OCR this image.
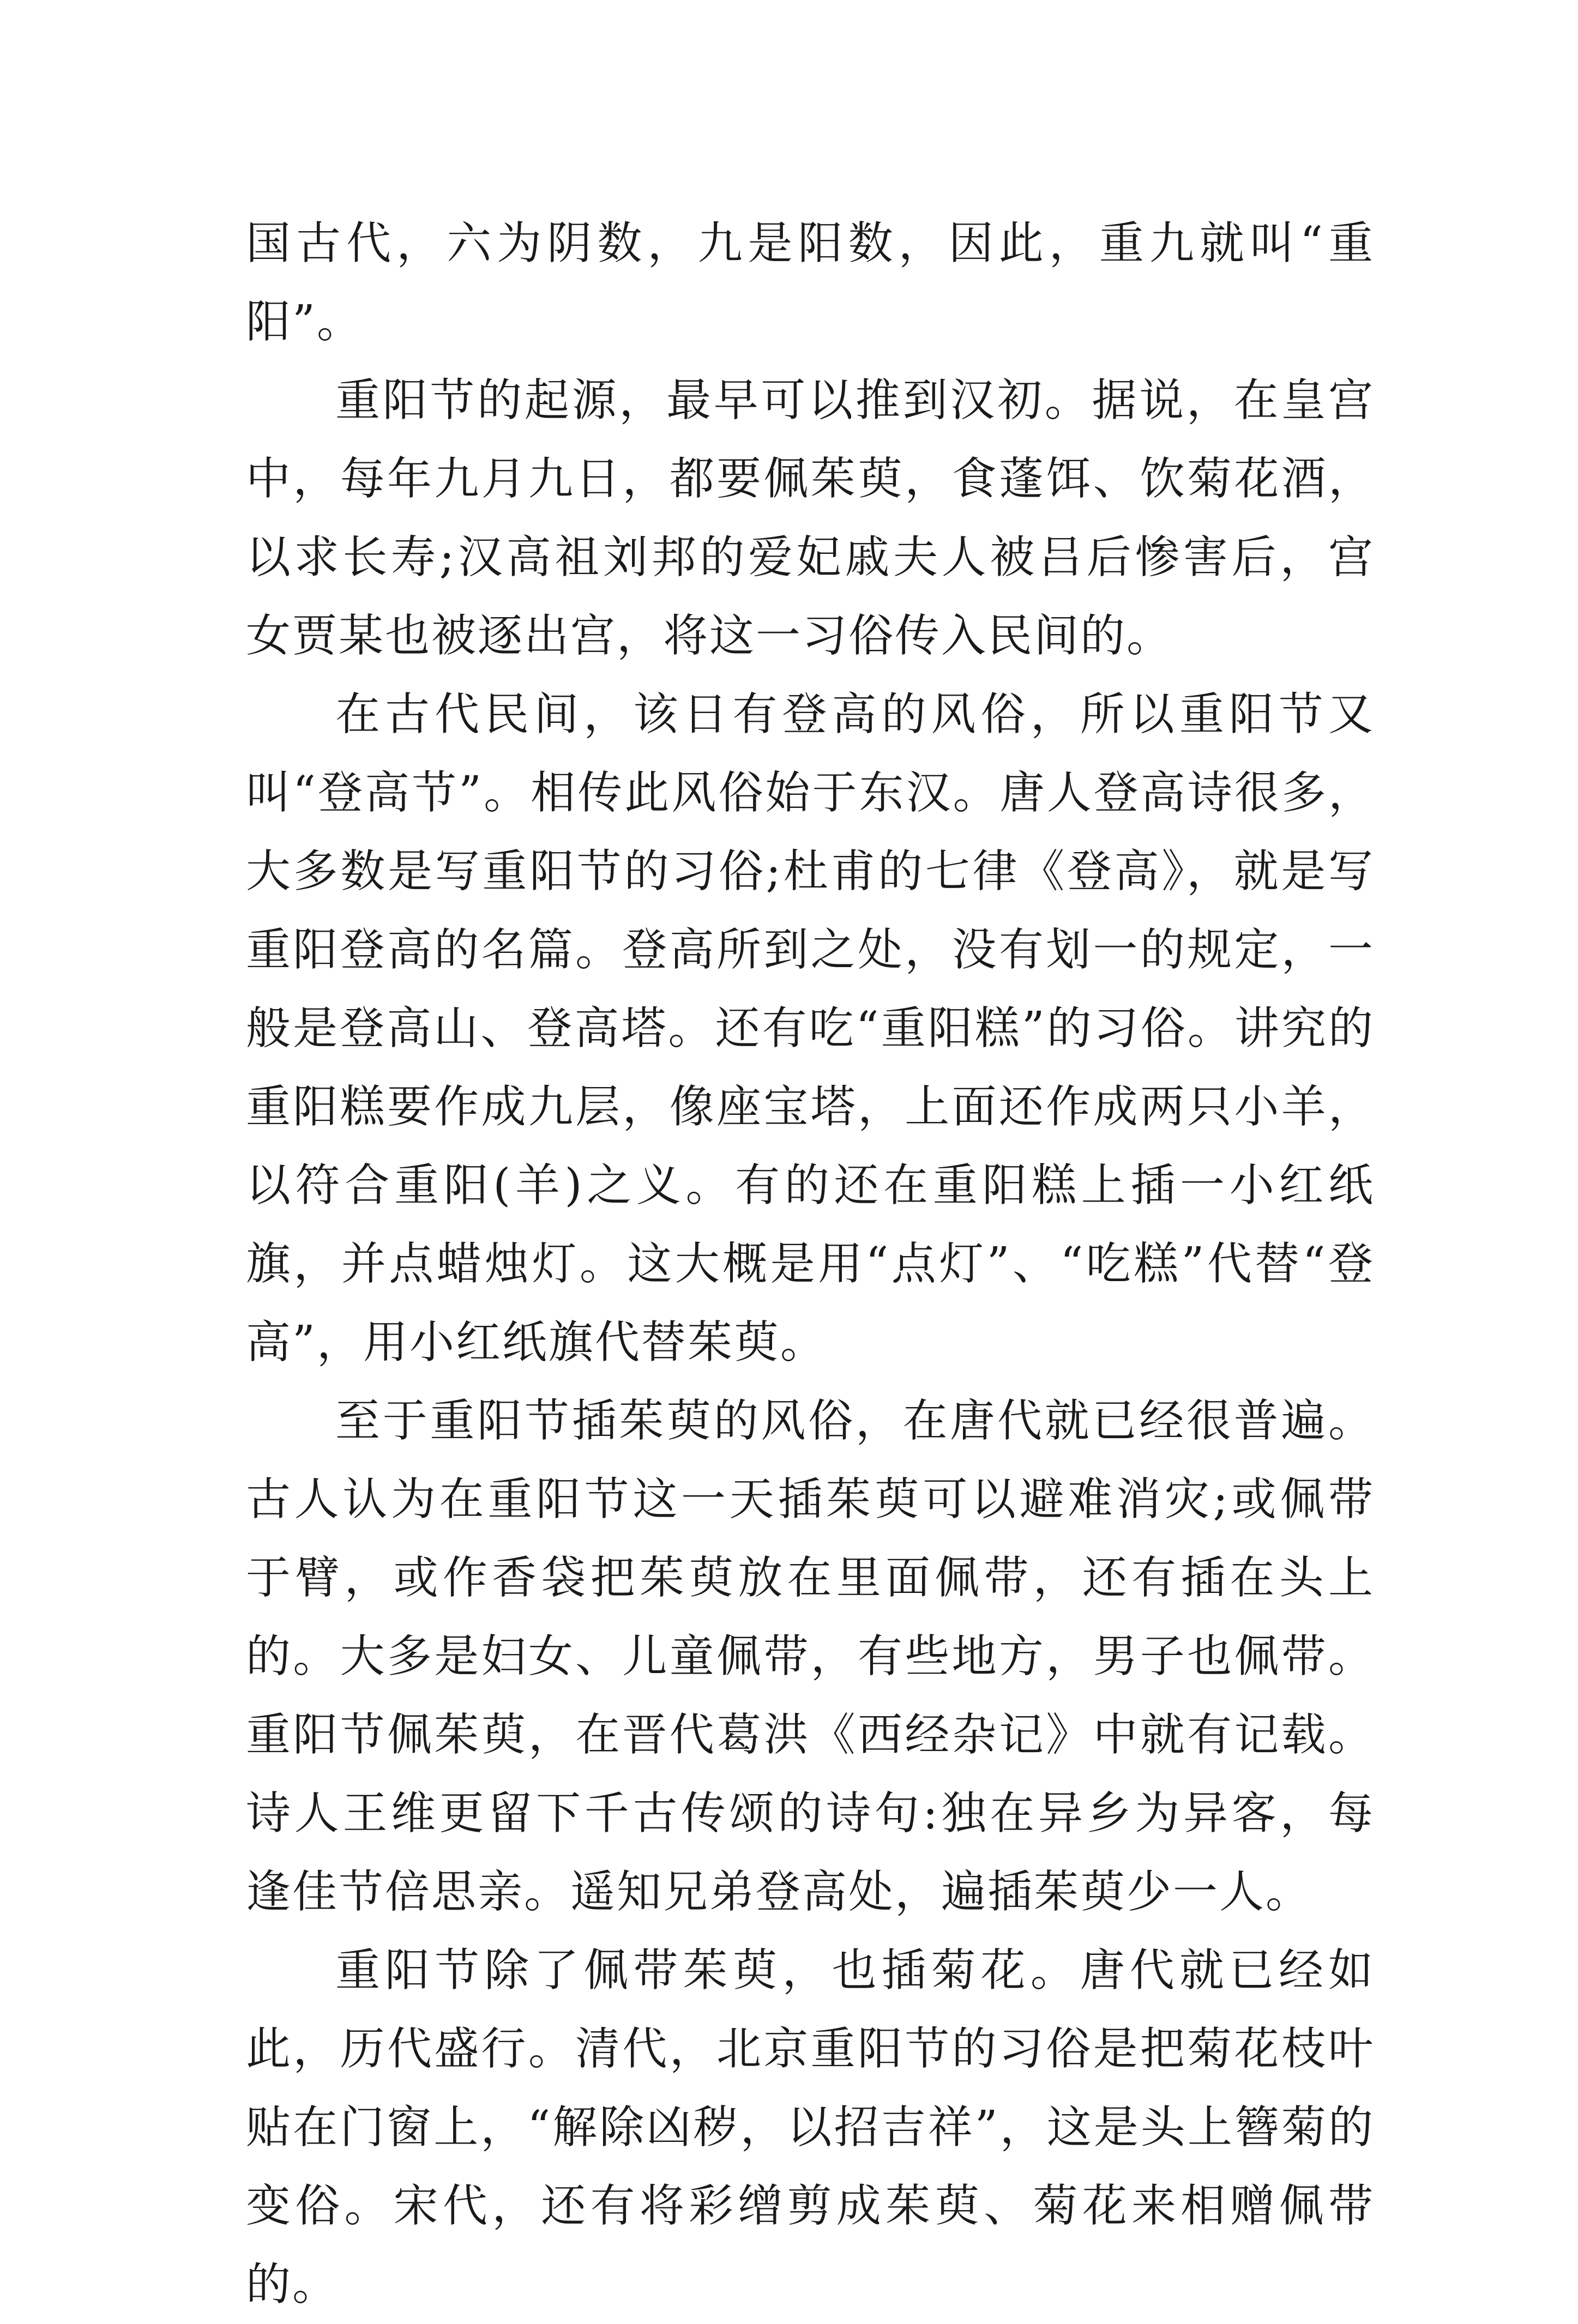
国古代，六为阴数，九是阳数，因此，重九就叫“重阳”。

重阳节的起源，最早可以推到汉初。据说，在皇宫中，每年九月九日，都要佩茱萸，食蓬饵、饮菊花酒，以求长寿;汉高祖刘邦的爱妃戚夫人被吕后惨害后，宫女贾某也被逐出宫，将这一习俗传入民间的。

在古代民间，该日有登高的风俗，所以重阳节又叫“登高节”。相传此风俗始于东汉。唐人登高诗很多，大多数是写重阳节的习俗;杜甫的七律《登高》，就是写重阳登高的名篇。登高所到之处，没有划一的规定，一般是登高山、登高塔。还有吃“重阳糕”的习俗。讲究的重阳糕要作成九层，像座宝塔，上面还作成两只小羊，以符合重阳(羊)之义。有的还在重阳糕上插一小红纸旗，并点蜡烛灯。这大概是用“点灯”、“吃糕”代替“登高”，用小红纸旗代替茱萸。

至于重阳节插茱萸的风俗，在唐代就已经很普遍。古人认为在重阳节这一天插茱萸可以避难消灾;或佩带于臂，或作香袋把茱萸放在里面佩带，还有插在头上的。大多是妇女、儿童佩带，有些地方，男子也佩带。重阳节佩茱萸，在晋代葛洪《西经杂记》中就有记载。诗人王维更留下千古传颂的诗句:独在异乡为异客，每逢佳节倍思亲。遥知兄弟登高处，遍插茱萸少一人。

重阳节除了佩带茱萸，也插菊花。唐代就已经如此，历代盛行。清代，北京重阳节的习俗是把菊花枝叶贴在门窗上，“解除凶秽，以招吉祥”，这是头上簪菊的变俗。宋代，还有将彩缯剪成茱萸、菊花来相赠佩带的。
